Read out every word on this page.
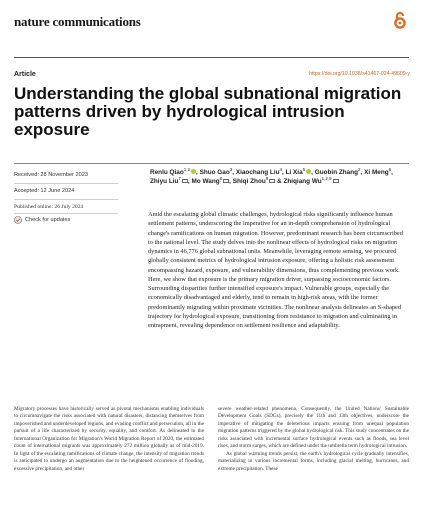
nature communications
Article	https://doi.org/10.1038/s41467-024-49609-y
Understanding the global subnational migration patterns driven by hydrological intrusion exposure
Received: 28 November 2023
Accepted: 12 June 2024
Published online: 26 July 2024
Check for updates
Renlu Qiao$^{1,2}$ , Shuo Gao$^3$, Xiaochang Liu$^4$, Li Xia$^5$ , Guobin Zhang$^2$, Xi Meng$^6$, Zhiyu Liu$^7$ , Mo Wang$^8$ , Shiqi Zhou$^9$ & Zhiqiang Wu$^{1,2,9}$
Amid the escalating global climatic challenges, hydrological risks significantly influence human settlement patterns, underscoring the imperative for an in-depth comprehension of hydrological change's ramifications on human migration. However, predominant research has been circumscribed to the national level. The study delves into the nonlinear effects of hydrological risks on migration dynamics in 46,776 global subnational units. Meanwhile, leveraging remote sensing, we procured globally consistent metrics of hydrological intrusion exposure, offering a holistic risk assessment encompassing hazard, exposure, and vulnerability dimensions, thus complementing previous work. Here, we show that exposure is the primary migration driver, surpassing socioeconomic factors. Surrounding disparities further intensified exposure's impact. Vulnerable groups, especially the economically disadvantaged and elderly, tend to remain in high-risk areas, with the former predominantly migrating within proximate vicinities. The nonlinear analysis delineates an S-shaped trajectory for hydrological exposure, transitioning from resistance to migration and culminating in entrapment, revealing dependence on settlement resilience and adaptability.
Migratory processes have historically served as pivotal mechanisms enabling individuals to circumnavigate the risks associated with natural disasters, distancing themselves from impoverished and underdeveloped regions, and evading conflict and persecution, all in the pursuit of a life characterized by security, equality, and comfort. As delineated in the International Organization for Migration's World Migration Report of 2020, the estimated count of international migrants was approximately 272 million globally as of mid-2019. In light of the escalating ramifications of climate change, the intensity of migration trends is anticipated to undergo an augmentation due to the heightened occurrence of flooding, excessive precipitation, and other

severe weather-related phenomena. Consequently, the United Nations' Sustainable Development Goals (SDGs), precisely the 11th and 13th objectives, underscore the imperative of mitigating the deleterious impacts ensuing from unequal population migration patterns triggered by the global hydrological risk. This study concentrates on the risks associated with incremental surface hydrological events such as floods, sea level rises, and storm surges, which are defined under the umbrella term hydrological intrusion.

As global warming trends persist, the earth's hydrological cycle gradually intensifies, materializing in various incremental forms, including glacial melting, hurricanes, and extreme precipitation. These
